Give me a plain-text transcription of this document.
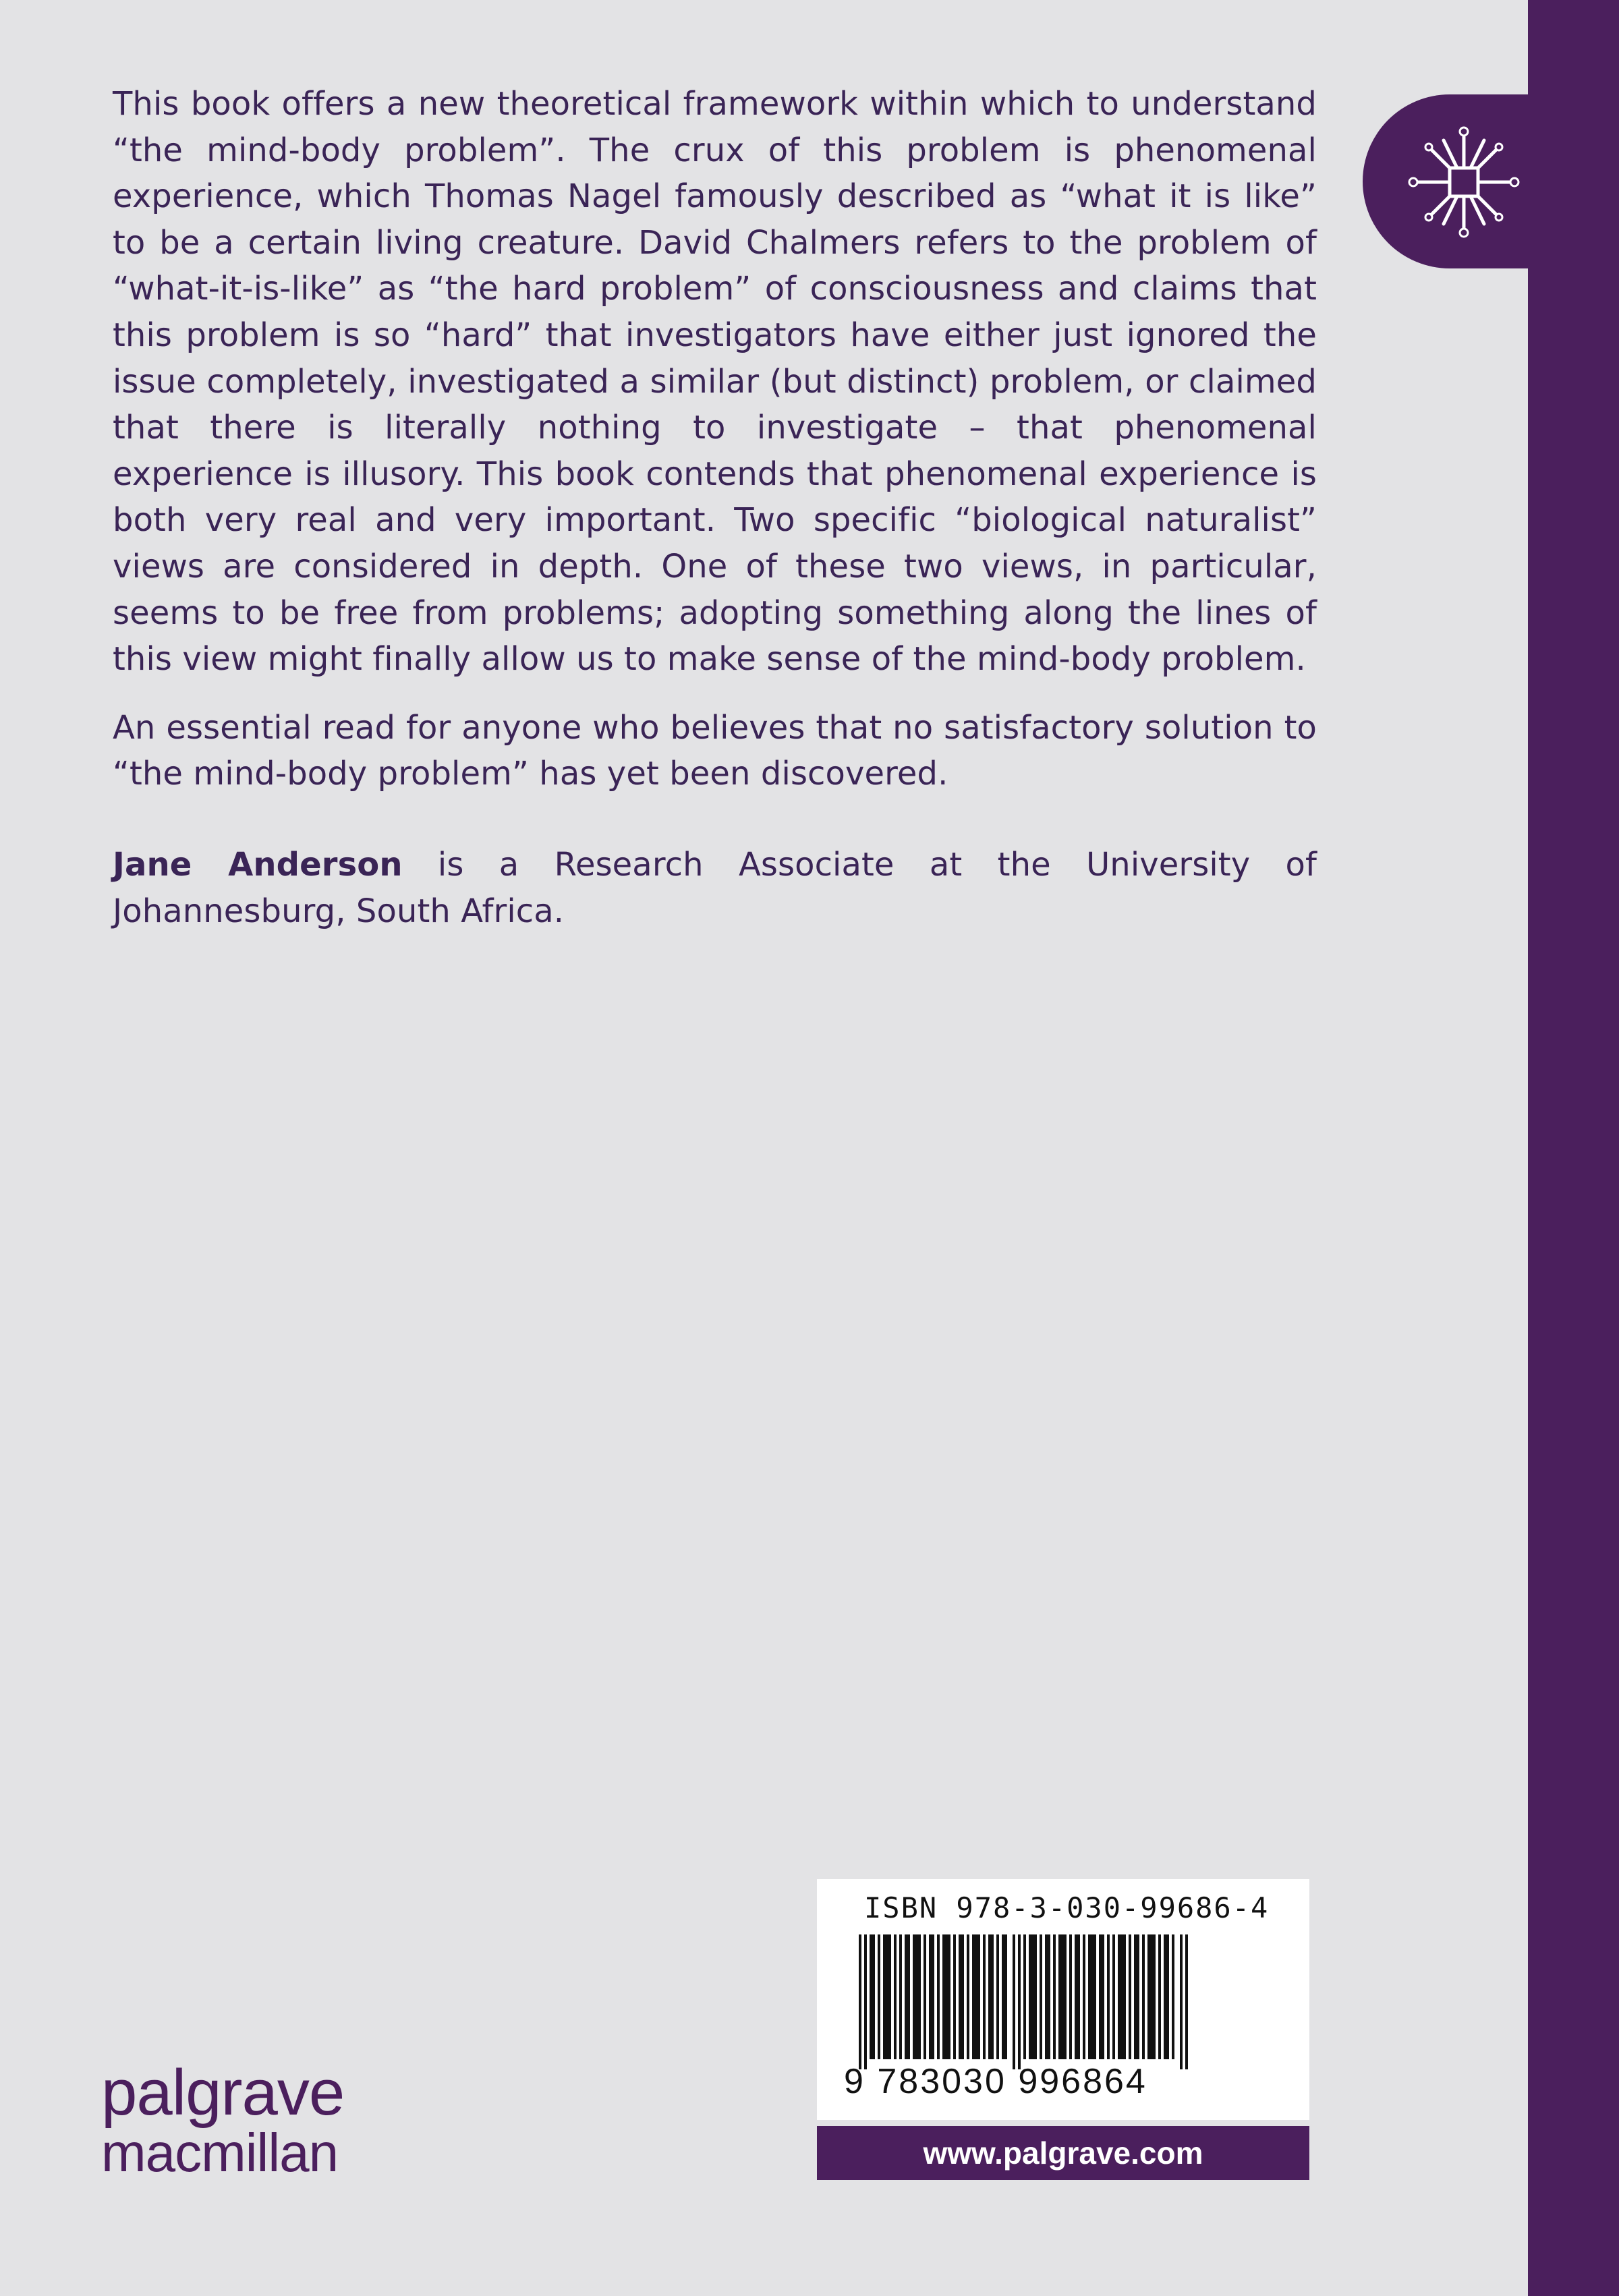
This book offers a new theoretical framework within which to understand “the mind-body problem”. The crux of this problem is phenomenal experience, which Thomas Nagel famously described as “what it is like” to be a certain living creature. David Chalmers refers to the problem of “what-it-is-like” as “the hard problem” of consciousness and claims that this problem is so “hard” that investigators have either just ignored the issue completely, investigated a similar (but distinct) problem, or claimed that there is literally nothing to investigate – that phenomenal experience is illusory. This book contends that phenomenal experience is both very real and very important. Two specific “biological naturalist” views are considered in depth. One of these two views, in particular, seems to be free from problems; adopting something along the lines of this view might finally allow us to make sense of the mind-body problem.

An essential read for anyone who believes that no satisfactory solution to “the mind-body problem” has yet been discovered.

Jane Anderson is a Research Associate at the University of Johannesburg, South Africa.

ISBN 978-3-030-99686-4
9 783030 996864
www.palgrave.com
palgrave
macmillan
